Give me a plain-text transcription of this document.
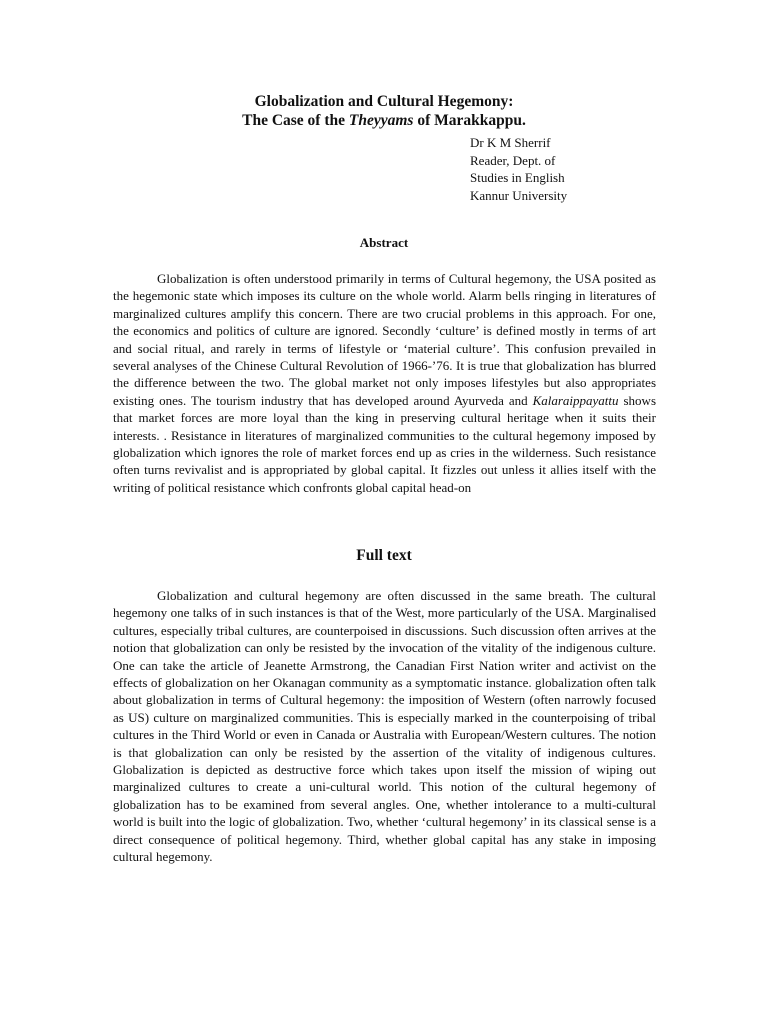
Globalization and Cultural Hegemony:
The Case of the Theyyams of Marakkappu.
Dr K M Sherrif
Reader, Dept. of
Studies in English
Kannur University
Abstract
Globalization is often understood primarily in terms of Cultural hegemony, the USA posited as the hegemonic state which imposes its culture on the whole world. Alarm bells ringing in literatures of marginalized cultures amplify this concern. There are two crucial problems in this approach. For one, the economics and politics of culture are ignored. Secondly ‘culture’ is defined mostly in terms of art and social ritual, and rarely in terms of lifestyle or ‘material culture’. This confusion prevailed in several analyses of the Chinese Cultural Revolution of 1966-’76. It is true that globalization has blurred the difference between the two. The global market not only imposes lifestyles but also appropriates existing ones. The tourism industry that has developed around Ayurveda and Kalaraippayattu shows that market forces are more loyal than the king in preserving cultural heritage when it suits their interests. . Resistance in literatures of marginalized communities to the cultural hegemony imposed by globalization which ignores the role of market forces end up as cries in the wilderness. Such resistance often turns revivalist and is appropriated by global capital. It fizzles out unless it allies itself with the writing of political resistance which confronts global capital head-on
Full text
Globalization and cultural hegemony are often discussed in the same breath. The cultural hegemony one talks of in such instances is that of the West, more particularly of the USA. Marginalised cultures, especially tribal cultures, are counterpoised in discussions. Such discussion often arrives at the notion that globalization can only be resisted by the invocation of the vitality of the indigenous culture. One can take the article of Jeanette Armstrong, the Canadian First Nation writer and activist on the effects of globalization on her Okanagan community as a symptomatic instance. globalization often talk about globalization in terms of Cultural hegemony: the imposition of Western (often narrowly focused as US) culture on marginalized communities. This is especially marked in the counterpoising of tribal cultures in the Third World or even in Canada or Australia with European/Western cultures. The notion is that globalization can only be resisted by the assertion of the vitality of indigenous cultures. Globalization is depicted as destructive force which takes upon itself the mission of wiping out marginalized cultures to create a uni-cultural world. This notion of the cultural hegemony of globalization has to be examined from several angles. One, whether intolerance to a multi-cultural world is built into the logic of globalization. Two, whether ‘cultural hegemony’ in its classical sense is a direct consequence of political hegemony. Third, whether global capital has any stake in imposing cultural hegemony.
